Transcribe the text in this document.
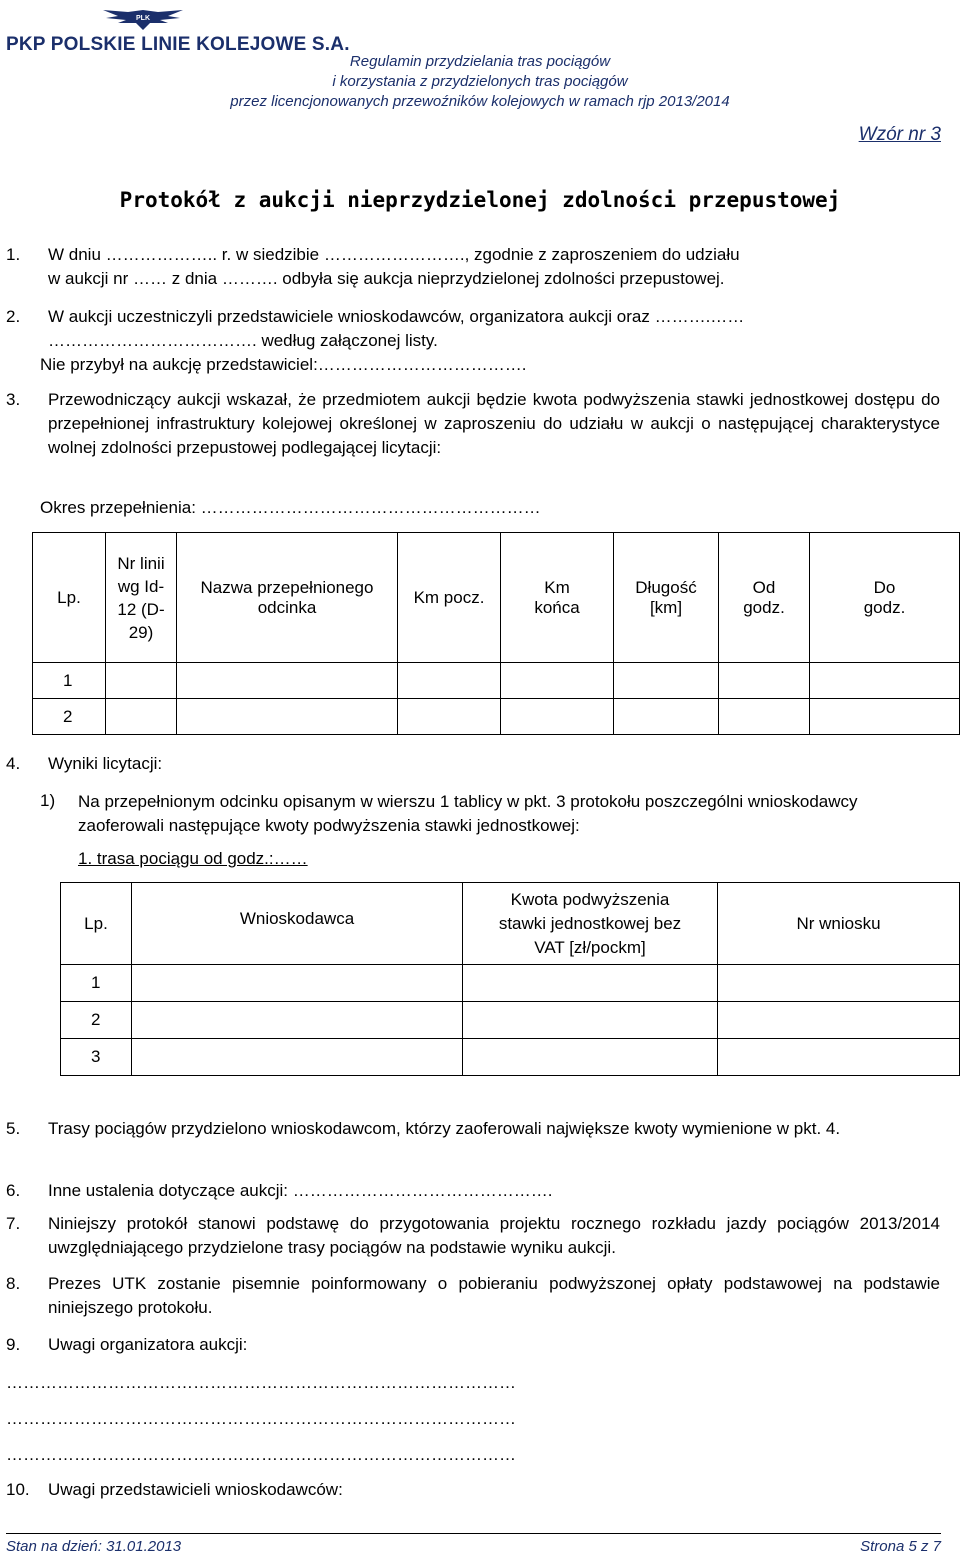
PLK
PKP POLSKIE LINIE KOLEJOWE S.A.
Regulamin przydzielania tras pociągów
i korzystania z przydzielonych tras pociągów
przez licencjonowanych przewoźników kolejowych w ramach rjp 2013/2014
Wzór nr 3
Protokół z aukcji nieprzydzielonej zdolności przepustowej
1. W dniu ……………….. r. w siedzibie ……………………., zgodnie z zaproszeniem do udziału
w aukcji nr …… z dnia ………. odbyła się aukcja nieprzydzielonej zdolności przepustowej.
2. W aukcji uczestniczyli przedstawiciele wnioskodawców, organizatora aukcji oraz ……….……
………………………………. według załączonej listy.
Nie przybył na aukcję przedstawiciel:……………………………….
3. Przewodniczący aukcji wskazał, że przedmiotem aukcji będzie kwota podwyższenia stawki jednostkowej dostępu do przepełnionej infrastruktury kolejowej określonej w zaproszeniu do udziału w aukcji o następującej charakterystyce wolnej zdolności przepustowej podlegającej licytacji:
Okres przepełnienia: ……………………………………………………
Lp.	Nr linii wg Id-12 (D-29)	Nazwa przepełnionego odcinka	Km pocz.	Km końca	Długość [km]	Od godz.	Do godz.

1							
2							
4. Wyniki licytacji:
1) Na przepełnionym odcinku opisanym w wierszu 1 tablicy w pkt. 3 protokołu poszczególni wnioskodawcy zaoferowali następujące kwoty podwyższenia stawki jednostkowej:
1. trasa pociągu od godz.:……
Lp.	Wnioskodawca	Kwota podwyższenia stawki jednostkowej bez VAT [zł/pockm]	Nr wniosku
1			
2			
3			
5. Trasy pociągów przydzielono wnioskodawcom, którzy zaoferowali największe kwoty wymienione w pkt. 4.
6. Inne ustalenia dotyczące aukcji: ……………………………………….
7. Niniejszy protokół stanowi podstawę do przygotowania projektu rocznego rozkładu jazdy pociągów 2013/2014 uwzględniającego przydzielone trasy pociągów na podstawie wyniku aukcji.
8. Prezes UTK zostanie pisemnie poinformowany o pobieraniu podwyższonej opłaty podstawowej na podstawie niniejszego protokołu.
9. Uwagi organizatora aukcji:
………………………………………………………………………………
………………………………………………………………………………
………………………………………………………………………………
10. Uwagi przedstawicieli wnioskodawców:
Stan na dzień: 31.01.2013	Strona 5 z 7
